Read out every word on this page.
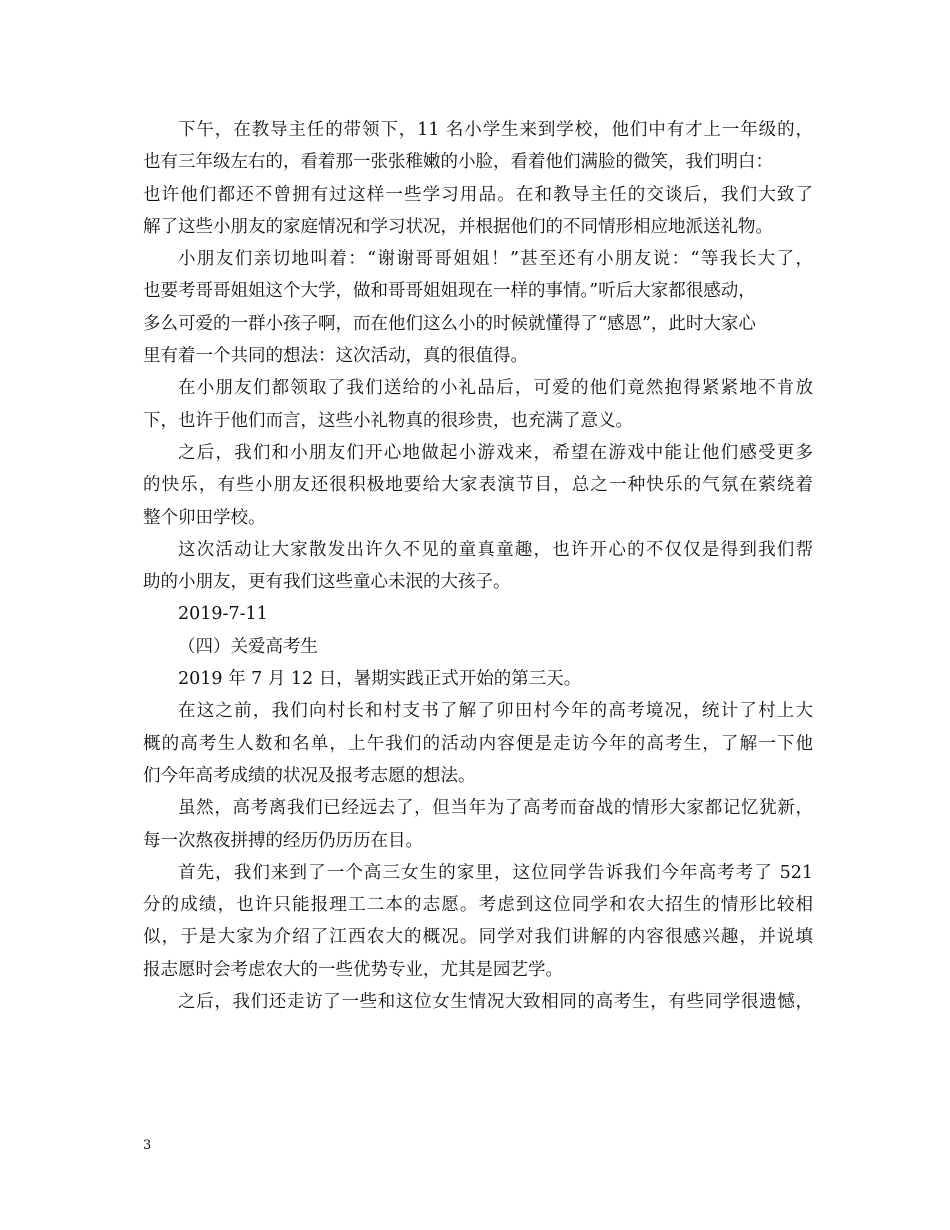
下午，在教导主任的带领下，11 名小学生来到学校，他们中有才上一年级的，
也有三年级左右的，看着那一张张稚嫩的小脸，看着他们满脸的微笑，我们明白：
也许他们都还不曾拥有过这样一些学习用品。在和教导主任的交谈后，我们大致了
解了这些小朋友的家庭情况和学习状况，并根据他们的不同情形相应地派送礼物。
小朋友们亲切地叫着：“谢谢哥哥姐姐！”甚至还有小朋友说：“等我长大了，
也要考哥哥姐姐这个大学，做和哥哥姐姐现在一样的事情。”听后大家都很感动，
多么可爱的一群小孩子啊，而在他们这么小的时候就懂得了“感恩”，此时大家心
里有着一个共同的想法：这次活动，真的很值得。
在小朋友们都领取了我们送给的小礼品后，可爱的他们竟然抱得紧紧地不肯放
下，也许于他们而言，这些小礼物真的很珍贵，也充满了意义。
之后，我们和小朋友们开心地做起小游戏来，希望在游戏中能让他们感受更多
的快乐，有些小朋友还很积极地要给大家表演节目，总之一种快乐的气氛在萦绕着
整个卯田学校。
这次活动让大家散发出许久不见的童真童趣，也许开心的不仅仅是得到我们帮
助的小朋友，更有我们这些童心未泯的大孩子。
2019-7-11
（四）关爱高考生
2019 年 7 月 12 日，暑期实践正式开始的第三天。
在这之前，我们向村长和村支书了解了卯田村今年的高考境况，统计了村上大
概的高考生人数和名单，上午我们的活动内容便是走访今年的高考生，了解一下他
们今年高考成绩的状况及报考志愿的想法。
虽然，高考离我们已经远去了，但当年为了高考而奋战的情形大家都记忆犹新，
每一次熬夜拼搏的经历仍历历在目。
首先，我们来到了一个高三女生的家里，这位同学告诉我们今年高考考了 521
分的成绩，也许只能报理工二本的志愿。考虑到这位同学和农大招生的情形比较相
似，于是大家为介绍了江西农大的概况。同学对我们讲解的内容很感兴趣，并说填
报志愿时会考虑农大的一些优势专业，尤其是园艺学。
之后，我们还走访了一些和这位女生情况大致相同的高考生，有些同学很遗憾，
3
